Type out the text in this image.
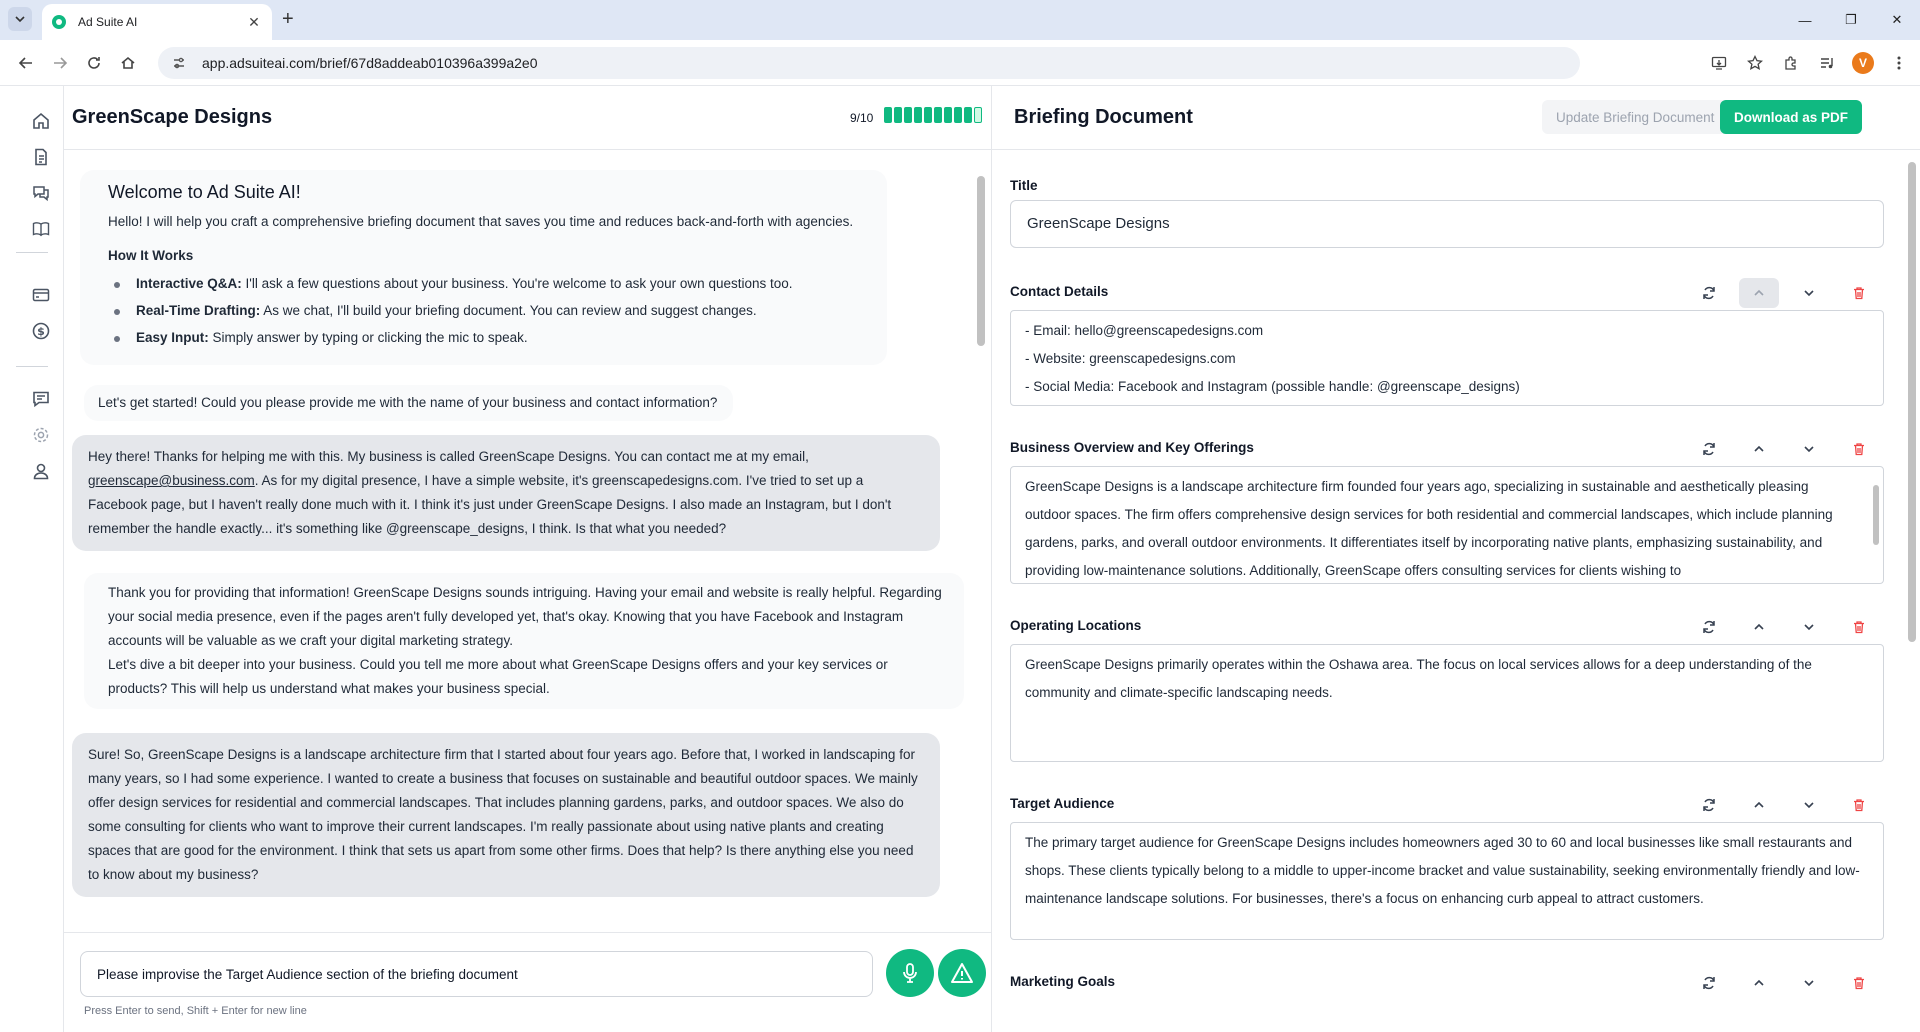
Ad Suite AI	✕ +	—	❐	✕
app.adsuiteai.com/brief/67d8addeab010396a399a2e0	V
$
GreenScape Designs	9/10
Welcome to Ad Suite AI!
Hello! I will help you craft a comprehensive briefing document that saves you time and reduces back-and-forth with agencies.
How It Works
Interactive Q&A: I'll ask a few questions about your business. You're welcome to ask your own questions too.
Real-Time Drafting: As we chat, I'll build your briefing document. You can review and suggest changes.
Easy Input: Simply answer by typing or clicking the mic to speak.
Let's get started! Could you please provide me with the name of your business and contact information?
Hey there! Thanks for helping me with this. My business is called GreenScape Designs. You can contact me at my email, greenscape@business.com. As for my digital presence, I have a simple website, it's greenscapedesigns.com. I've tried to set up a Facebook page, but I haven't really done much with it. I think it's just under GreenScape Designs. I also made an Instagram, but I don't remember the handle exactly... it's something like @greenscape_designs, I think. Is that what you needed?
Thank you for providing that information! GreenScape Designs sounds intriguing. Having your email and website is really helpful. Regarding your social media presence, even if the pages aren't fully developed yet, that's okay. Knowing that you have Facebook and Instagram accounts will be valuable as we craft your digital marketing strategy.
Let's dive a bit deeper into your business. Could you tell me more about what GreenScape Designs offers and your key services or products? This will help us understand what makes your business special.
Sure! So, GreenScape Designs is a landscape architecture firm that I started about four years ago. Before that, I worked in landscaping for many years, so I had some experience. I wanted to create a business that focuses on sustainable and beautiful outdoor spaces. We mainly offer design services for residential and commercial landscapes. That includes planning gardens, parks, and outdoor spaces. We also do some consulting for clients who want to improve their current landscapes. I'm really passionate about using native plants and creating spaces that are good for the environment. I think that sets us apart from some other firms. Does that help? Is there anything else you need to know about my business?
Please improvise the Target Audience section of the briefing document
Press Enter to send, Shift + Enter for new line
Briefing Document	Update Briefing Document	Download as PDF
Title
GreenScape Designs
Contact Details

- Email: hello@greenscapedesigns.com

- Website: greenscapedesigns.com

- Social Media: Facebook and Instagram (possible handle: @greenscape_designs)

Business Overview and Key Offerings

GreenScape Designs is a landscape architecture firm founded four years ago, specializing in sustainable and aesthetically pleasing outdoor spaces. The firm offers comprehensive design services for both residential and commercial landscapes, which include planning gardens, parks, and overall outdoor environments. It differentiates itself by incorporating native plants, emphasizing sustainability, and providing low-maintenance solutions. Additionally, GreenScape offers consulting services for clients wishing to

Operating Locations

GreenScape Designs primarily operates within the Oshawa area. The focus on local services allows for a deep understanding of the community and climate-specific landscaping needs.

Target Audience

The primary target audience for GreenScape Designs includes homeowners aged 30 to 60 and local businesses like small restaurants and shops. These clients typically belong to a middle to upper-income bracket and value sustainability, seeking environmentally friendly and low-maintenance landscape solutions. For businesses, there's a focus on enhancing curb appeal to attract customers.

Marketing Goals
